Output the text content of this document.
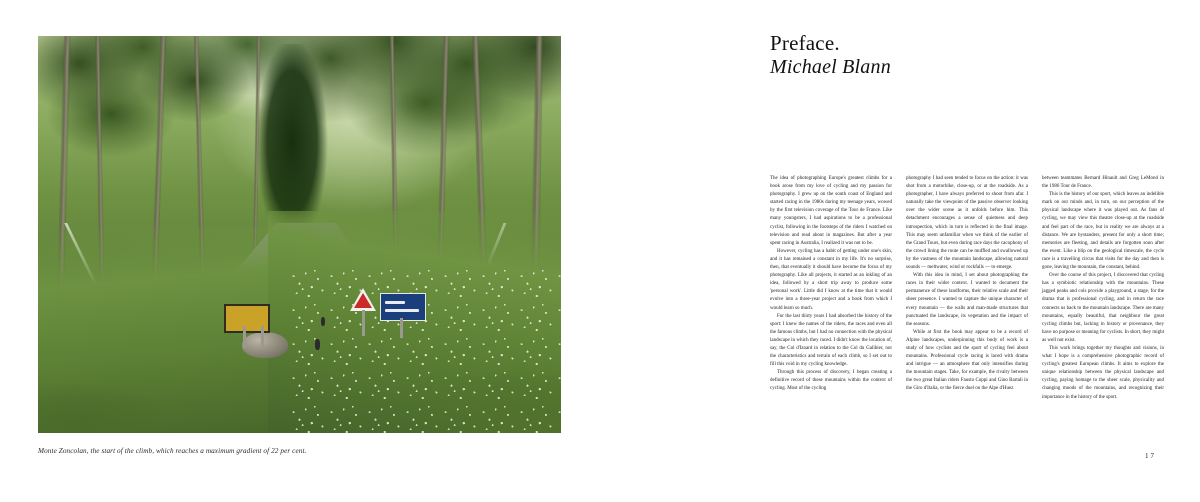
Monte Zoncolan, the start of the climb, which reaches a maximum gradient of 22 per cent.
Preface.
Michael Blann

The idea of photographing Europe's greatest climbs for a book arose from my love of cycling and my passion for photography. I grew up on the south coast of England and started racing in the 1980s during my teenage years, wowed by the first television coverage of the Tour de France. Like many youngsters, I had aspirations to be a professional cyclist, following in the footsteps of the riders I watched on television and read about in magazines. But after a year spent racing in Australia, I realized it was not to be.

However, cycling has a habit of getting under one's skin, and it has remained a constant in my life. It's no surprise, then, that eventually it should have become the focus of my photography. Like all projects, it started as an inkling of an idea, followed by a short trip away to produce some 'personal work'. Little did I know at the time that it would evolve into a three-year project and a book from which I would learn so much.

For the last thirty years I had absorbed the history of the sport: I knew the names of the riders, the races and even all the famous climbs, but I had no connection with the physical landscape in which they raced. I didn't know the location of, say, the Col d'Izoard in relation to the Col du Galibier, nor the characteristics and terrain of each climb, so I set out to fill this void in my cycling knowledge.

Through this process of discovery, I began creating a definitive record of these mountains within the context of cycling. Most of the cycling

photography I had seen tended to focus on the action: it was shot from a motorbike, close-up, or at the roadside. As a photographer, I have always preferred to shoot from afar. I naturally take the viewpoint of the passive observer looking over the wider scene as it unfolds before him. This detachment encourages a sense of quietness and deep introspection, which in turn is reflected in the final image. This may seem unfamiliar when we think of the earlier of the Grand Tours, but even during race days the cacophony of the crowd lining the route can be muffled and swallowed up by the vastness of the mountain landscape, allowing natural sounds — meltwater, wind or rockfalls — to emerge.

With this idea in mind, I set about photographing the races in their wider context. I wanted to document the permanence of these landforms, their relative scale and their sheer presence. I wanted to capture the unique character of every mountain — the walls and man-made structures that punctuated the landscape, its vegetation and the impact of the seasons.

While at first the book may appear to be a record of Alpine landscapes, underpinning this body of work is a study of how cyclists and the sport of cycling feel about mountains. Professional cycle racing is laced with drama and intrigue — an atmosphere that only intensifies during the mountain stages. Take, for example, the rivalry between the two great Italian riders Fausto Coppi and Gino Bartali in the Giro d'Italia, or the fierce duel on the Alpe d'Huez

between teammates Bernard Hinault and Greg LeMond in the 1986 Tour de France.

This is the history of our sport, which leaves an indelible mark on our minds and, in turn, on our perception of the physical landscape where it was played out. As fans of cycling, we may view this theatre close-up at the roadside and feel part of the race, but in reality we are always at a distance. We are bystanders, present for only a short time; memories are fleeting, and details are forgotten soon after the event. Like a blip on the geological timescale, the cycle race is a travelling circus that visits for the day and then is gone, leaving the mountain, the constant, behind.

Over the course of this project, I discovered that cycling has a symbiotic relationship with the mountains. These jagged peaks and cols provide a playground, a stage, for the drama that is professional cycling, and in return the race connects us back to the mountain landscape. There are many mountains, equally beautiful, that neighbour the great cycling climbs but, lacking in history or provenance, they have no purpose or meaning for cyclists. In short, they might as well not exist.

This work brings together my thoughts and visions, in what I hope is a comprehensive photographic record of cycling's greatest European climbs. It aims to explore the unique relationship between the physical landscape and cycling, paying homage to the sheer scale, physicality and changing moods of the mountains, and recognizing their importance in the history of the sport.

17
